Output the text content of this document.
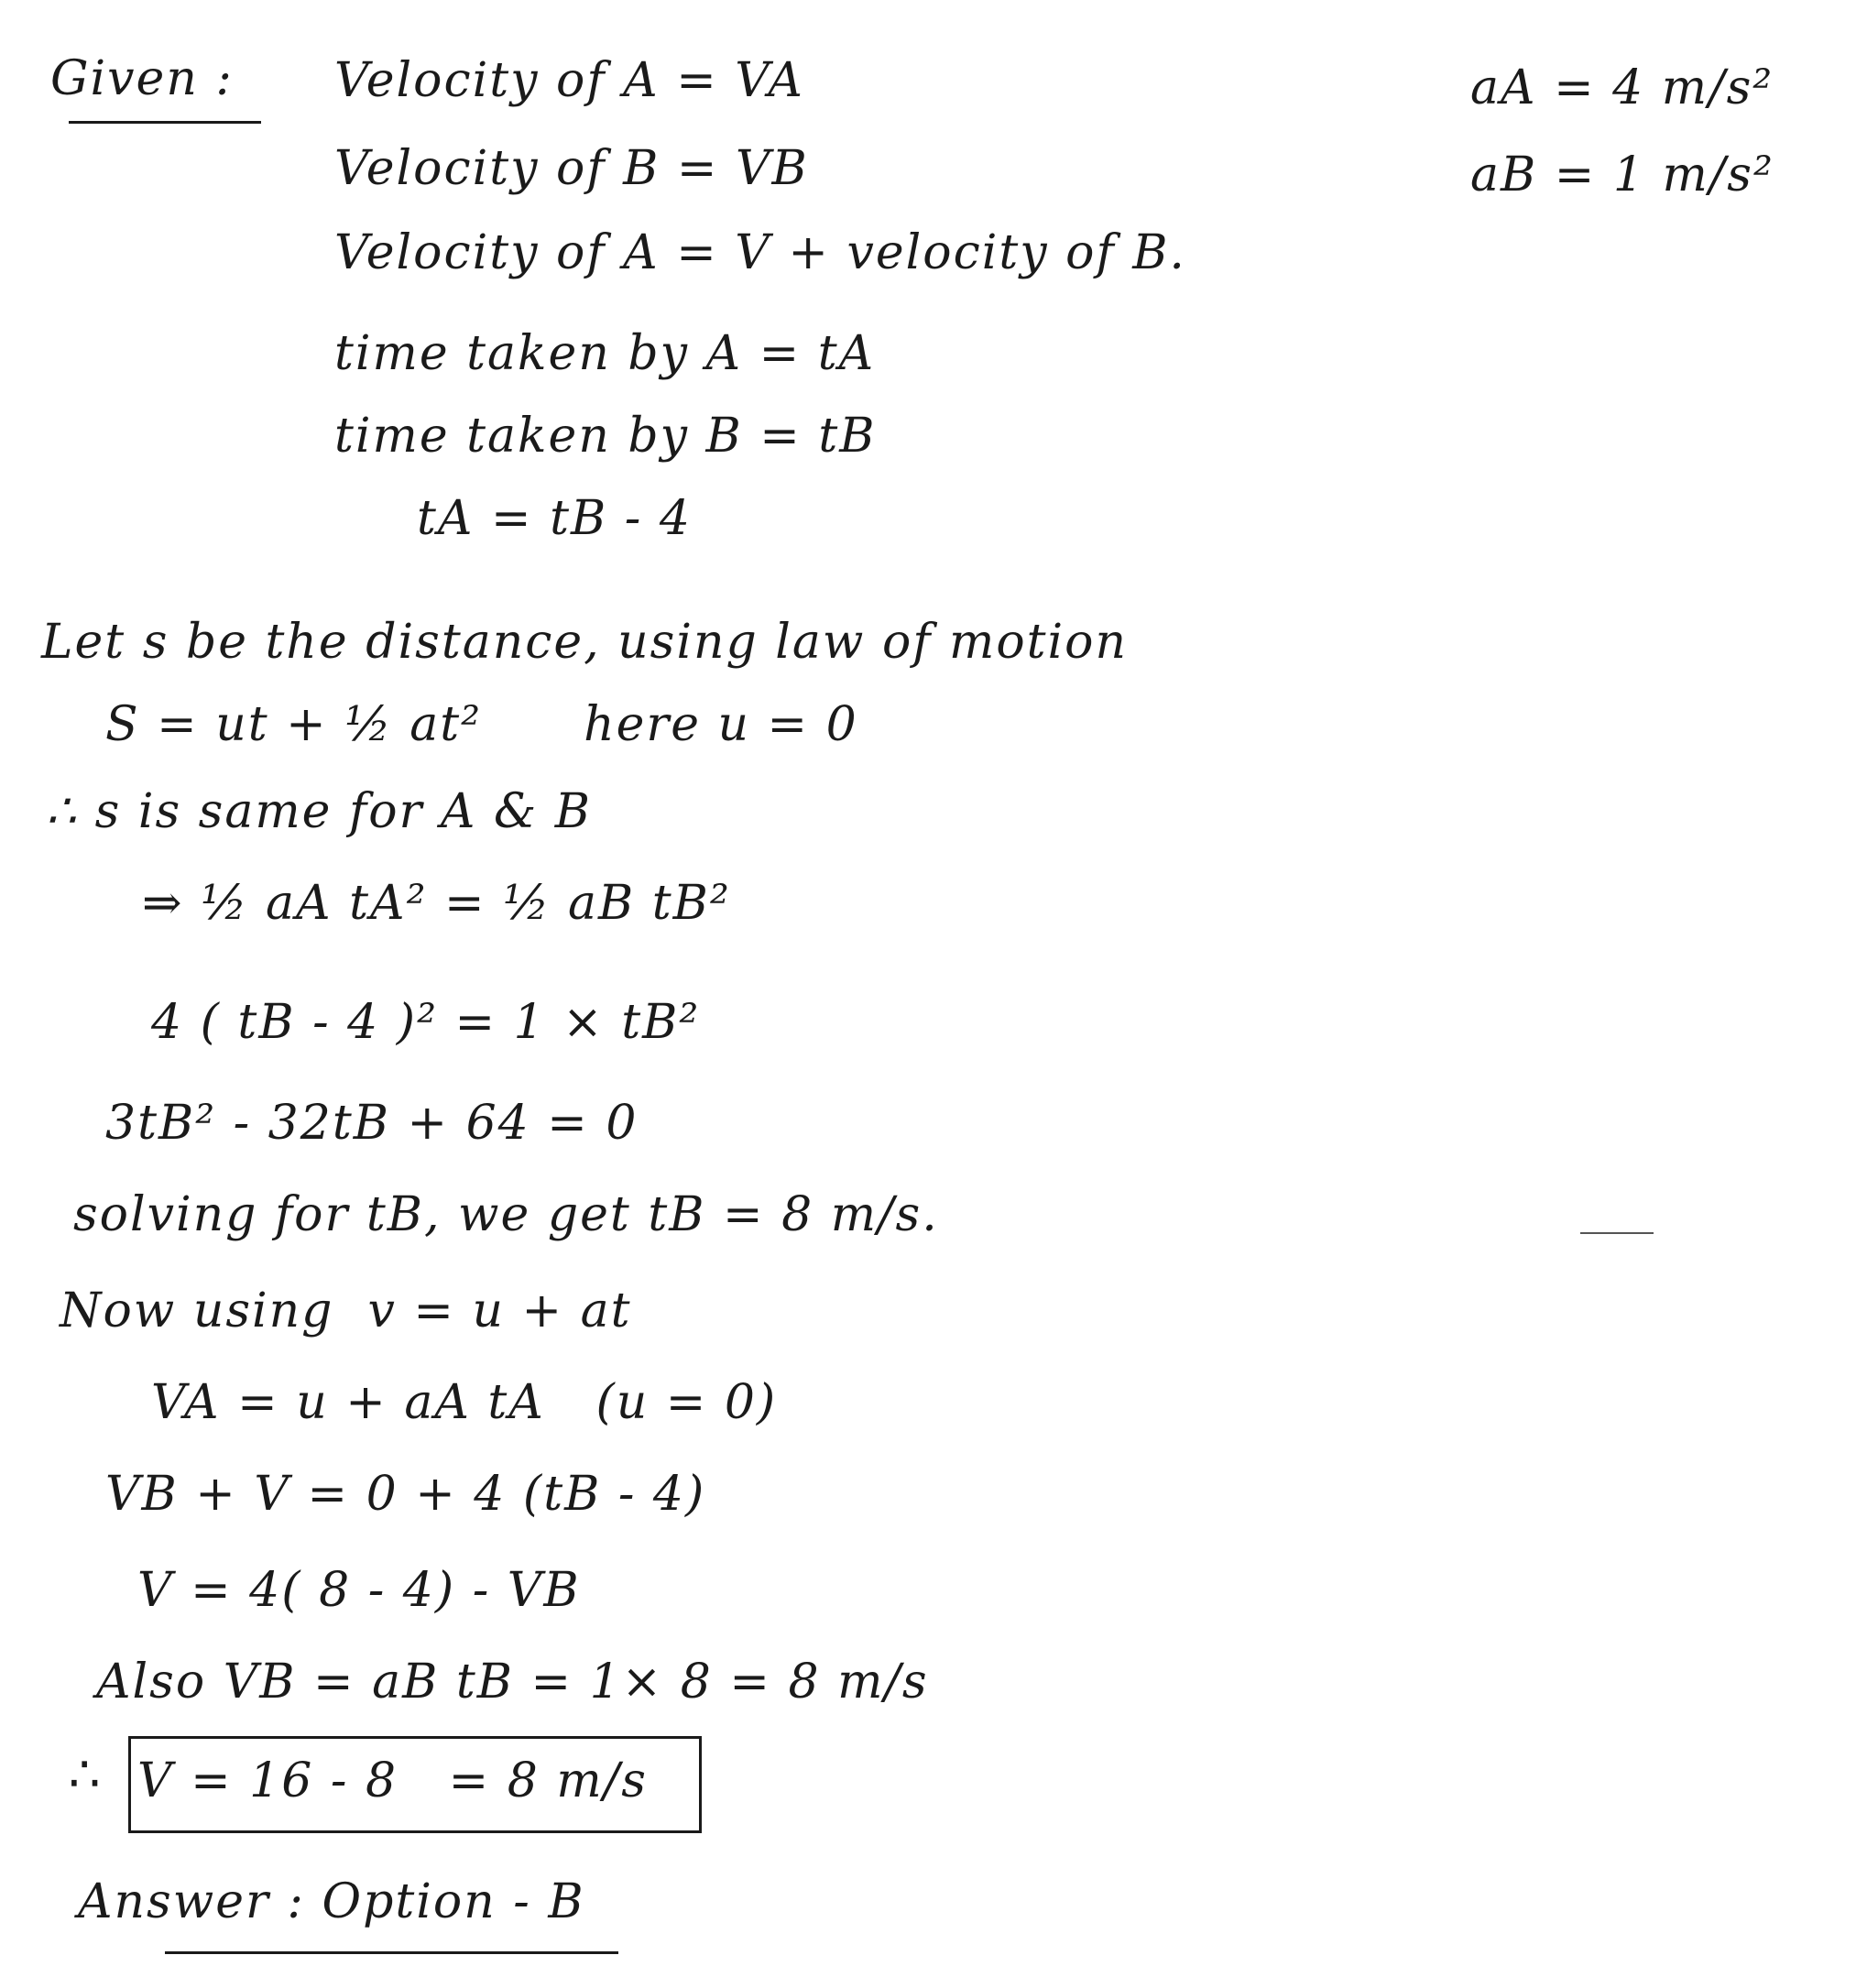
Given : Velocity of A = VA
Velocity of B = VB
Velocity of A = V + velocity of B.
time taken by A = tA
time taken by B = tB
tA = tB - 4
aA = 4 m/s²
aB = 1 m/s²
Let s be the distance, using law of motion
S = ut + ½ at²      here u = 0
∴ s is same for A & B
⇒ ½ aA tA² = ½ aB tB²
4 ( tB - 4 )² = 1 × tB²
3tB² - 32tB + 64 = 0
solving for tB, we get tB = 8 m/s.
Now using  v = u + at
VA = u + aA tA   (u = 0)
VB + V = 0 + 4 (tB - 4)
V = 4( 8 - 4) - VB
Also VB = aB tB = 1× 8 = 8 m/s
∴ V = 16 - 8   = 8 m/s
Answer : Option - B
